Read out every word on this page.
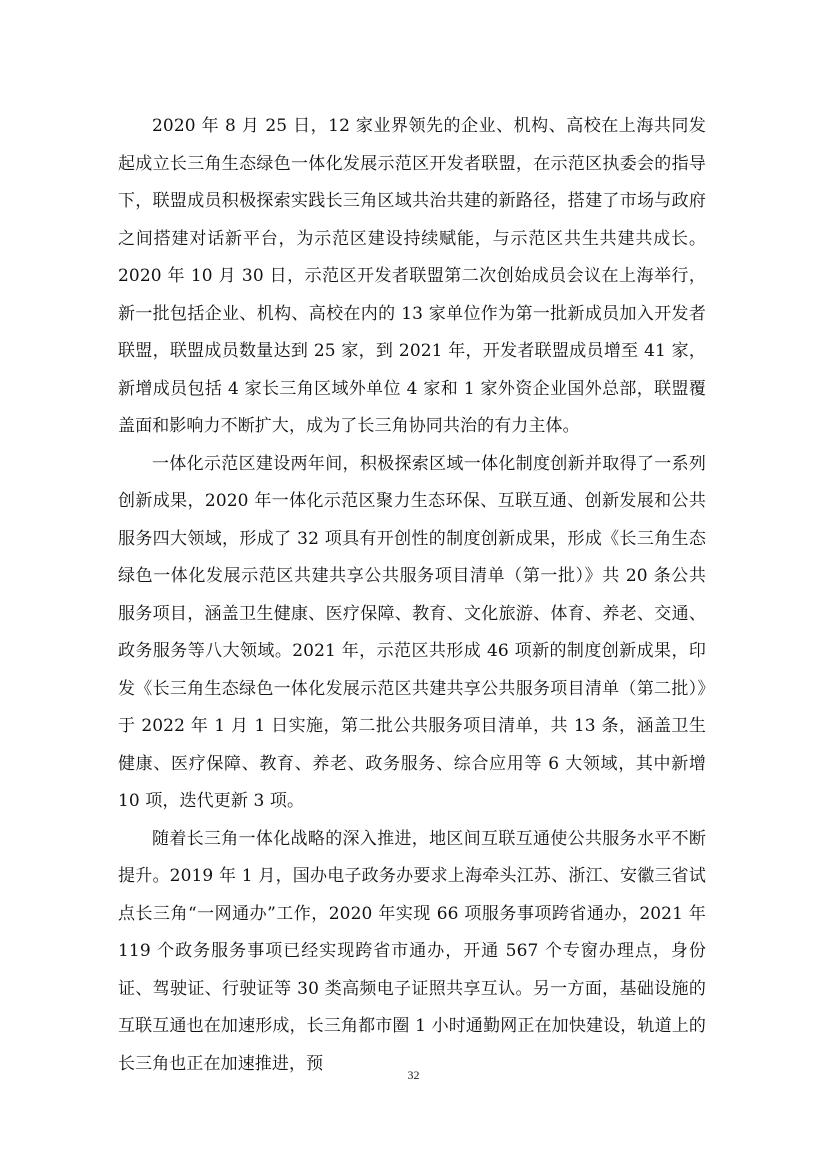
2020 年 8 月 25 日，12 家业界领先的企业、机构、高校在上海共同发起成立长三角生态绿色一体化发展示范区开发者联盟，在示范区执委会的指导下，联盟成员积极探索实践长三角区域共治共建的新路径，搭建了市场与政府之间搭建对话新平台，为示范区建设持续赋能，与示范区共生共建共成长。2020 年 10 月 30 日，示范区开发者联盟第二次创始成员会议在上海举行，新一批包括企业、机构、高校在内的 13 家单位作为第一批新成员加入开发者联盟，联盟成员数量达到 25 家，到 2021 年，开发者联盟成员增至 41 家，新增成员包括 4 家长三角区域外单位 4 家和 1 家外资企业国外总部，联盟覆盖面和影响力不断扩大，成为了长三角协同共治的有力主体。

一体化示范区建设两年间，积极探索区域一体化制度创新并取得了一系列创新成果，2020 年一体化示范区聚力生态环保、互联互通、创新发展和公共服务四大领域，形成了 32 项具有开创性的制度创新成果，形成《长三角生态绿色一体化发展示范区共建共享公共服务项目清单（第一批）》共 20 条公共服务项目，涵盖卫生健康、医疗保障、教育、文化旅游、体育、养老、交通、政务服务等八大领域。2021 年，示范区共形成 46 项新的制度创新成果，印发《长三角生态绿色一体化发展示范区共建共享公共服务项目清单（第二批）》于 2022 年 1 月 1 日实施，第二批公共服务项目清单，共 13 条，涵盖卫生健康、医疗保障、教育、养老、政务服务、综合应用等 6 大领域，其中新增 10 项，迭代更新 3 项。

随着长三角一体化战略的深入推进，地区间互联互通使公共服务水平不断提升。2019 年 1 月，国办电子政务办要求上海牵头江苏、浙江、安徽三省试点长三角“一网通办”工作，2020 年实现 66 项服务事项跨省通办，2021 年 119 个政务服务事项已经实现跨省市通办，开通 567 个专窗办理点，身份证、驾驶证、行驶证等 30 类高频电子证照共享互认。另一方面，基础设施的互联互通也在加速形成，长三角都市圈 1 小时通勤网正在加快建设，轨道上的长三角也正在加速推进，预

32
